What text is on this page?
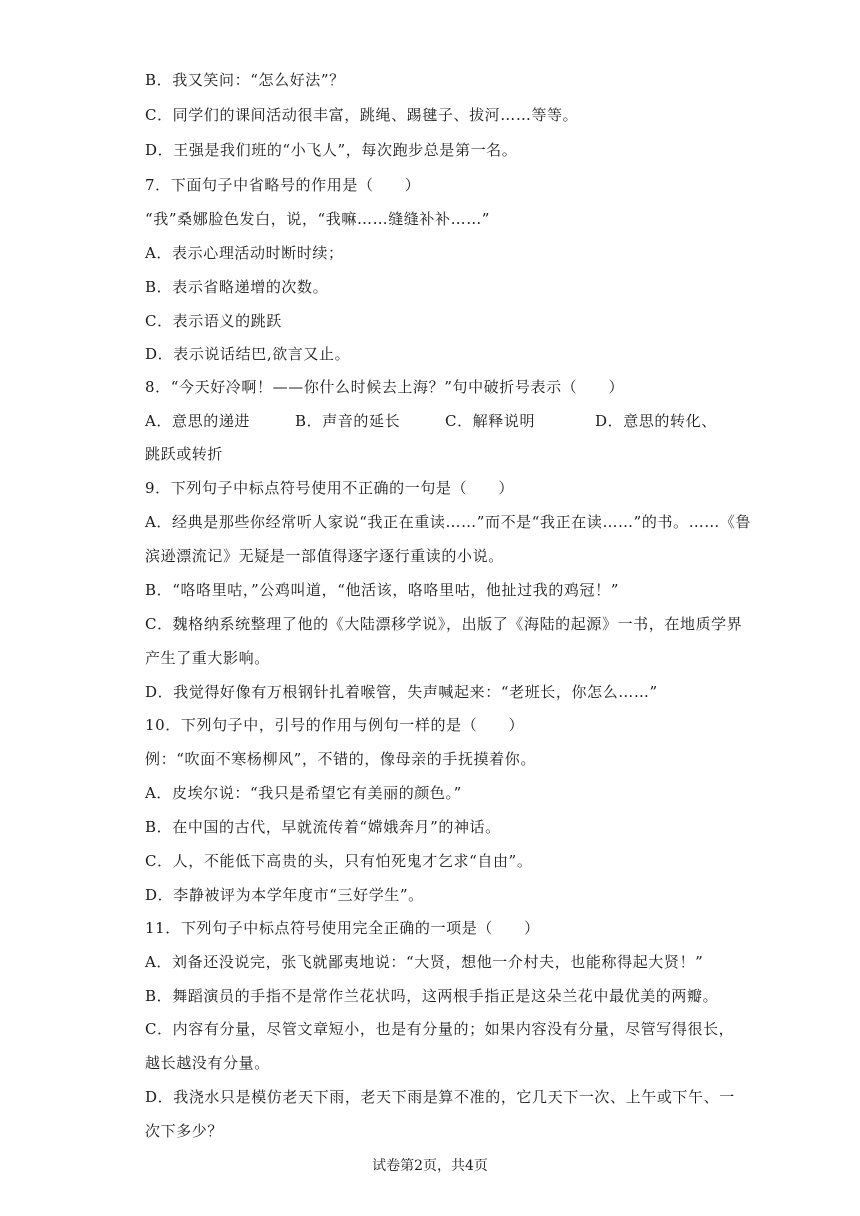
B．我又笑问：“怎么好法”？
C．同学们的课间活动很丰富，跳绳、踢毽子、拔河……等等。
D．王强是我们班的“小飞人”，每次跑步总是第一名。
7．下面句子中省略号的作用是（　　）
“我”桑娜脸色发白，说，“我嘛……缝缝补补……”
A．表示心理活动时断时续；
B．表示省略递增的次数。
C．表示语义的跳跃
D．表示说话结巴,欲言又止。
8．“今天好冷啊！——你什么时候去上海？”句中破折号表示（　　）
A．意思的递进	B．声音的延长	C．解释说明	D．意思的转化、
跳跃或转折
9．下列句子中标点符号使用不正确的一句是（　　）
A．经典是那些你经常听人家说“我正在重读……”而不是“我正在读……”的书。……《鲁
滨逊漂流记》无疑是一部值得逐字逐行重读的小说。
B．“咯咯里咕，”公鸡叫道，“他活该，咯咯里咕，他扯过我的鸡冠！”
C．魏格纳系统整理了他的《大陆漂移学说》，出版了《海陆的起源》一书，在地质学界
产生了重大影响。
D．我觉得好像有万根钢针扎着喉管，失声喊起来：“老班长，你怎么……”
10．下列句子中，引号的作用与例句一样的是（　　）
例：“吹面不寒杨柳风”，不错的，像母亲的手抚摸着你。
A．皮埃尔说：“我只是希望它有美丽的颜色。”
B．在中国的古代，早就流传着“嫦娥奔月”的神话。
C．人，不能低下高贵的头，只有怕死鬼才乞求“自由”。
D．李静被评为本学年度市“三好学生”。
11．下列句子中标点符号使用完全正确的一项是（　　）
A．刘备还没说完，张飞就鄙夷地说：“大贤，想他一介村夫，也能称得起大贤！”
B．舞蹈演员的手指不是常作兰花状吗，这两根手指正是这朵兰花中最优美的两瓣。
C．内容有分量，尽管文章短小，也是有分量的；如果内容没有分量，尽管写得很长，
越长越没有分量。
D．我浇水只是模仿老天下雨，老天下雨是算不准的，它几天下一次、上午或下午、一
次下多少？
试卷第2页，共4页
